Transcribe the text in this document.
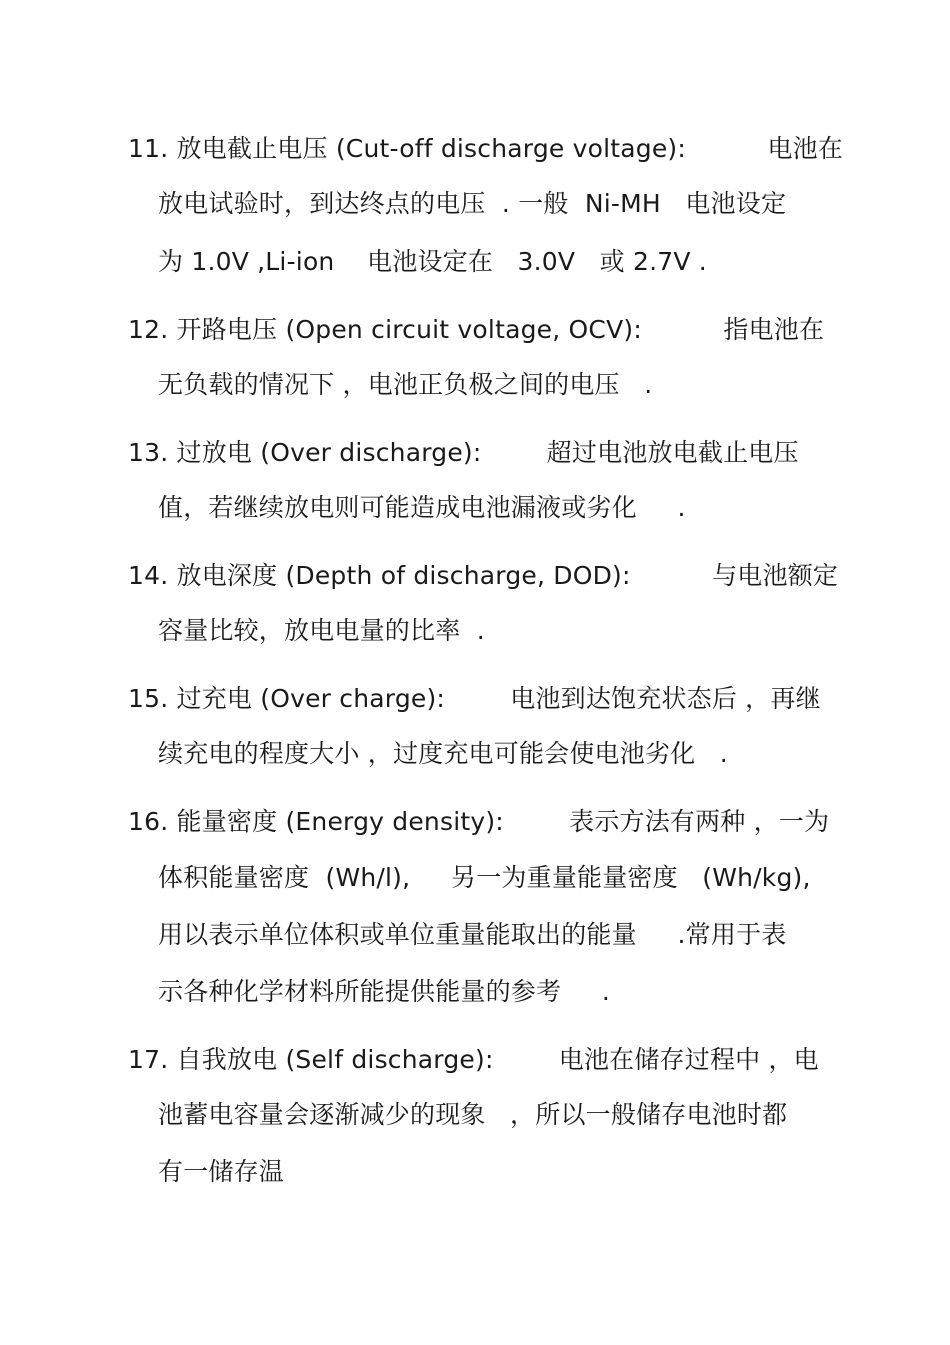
11. 放电截止电压 (Cut-off discharge voltage):          电池在
放电试验时，到达终点的电压  . 一般  Ni-MH   电池设定
为 1.0V ,Li-ion    电池设定在   3.0V   或 2.7V .
12. 开路电压 (Open circuit voltage, OCV):          指电池在
无负载的情况下 ，电池正负极之间的电压   .
13. 过放电 (Over discharge):        超过电池放电截止电压
值，若继续放电则可能造成电池漏液或劣化     .
14. 放电深度 (Depth of discharge, DOD):          与电池额定
容量比较，放电电量的比率  .
15. 过充电 (Over charge):        电池到达饱充状态后 ，再继
续充电的程度大小 ，过度充电可能会使电池劣化   .
16. 能量密度 (Energy density):        表示方法有两种 ，一为
体积能量密度  (Wh/l),     另一为重量能量密度   (Wh/kg),
用以表示单位体积或单位重量能取出的能量     .常用于表
示各种化学材料所能提供能量的参考     .
17. 自我放电 (Self discharge):        电池在储存过程中 ，电
池蓄电容量会逐渐减少的现象   ，所以一般储存电池时都
有一储存温
